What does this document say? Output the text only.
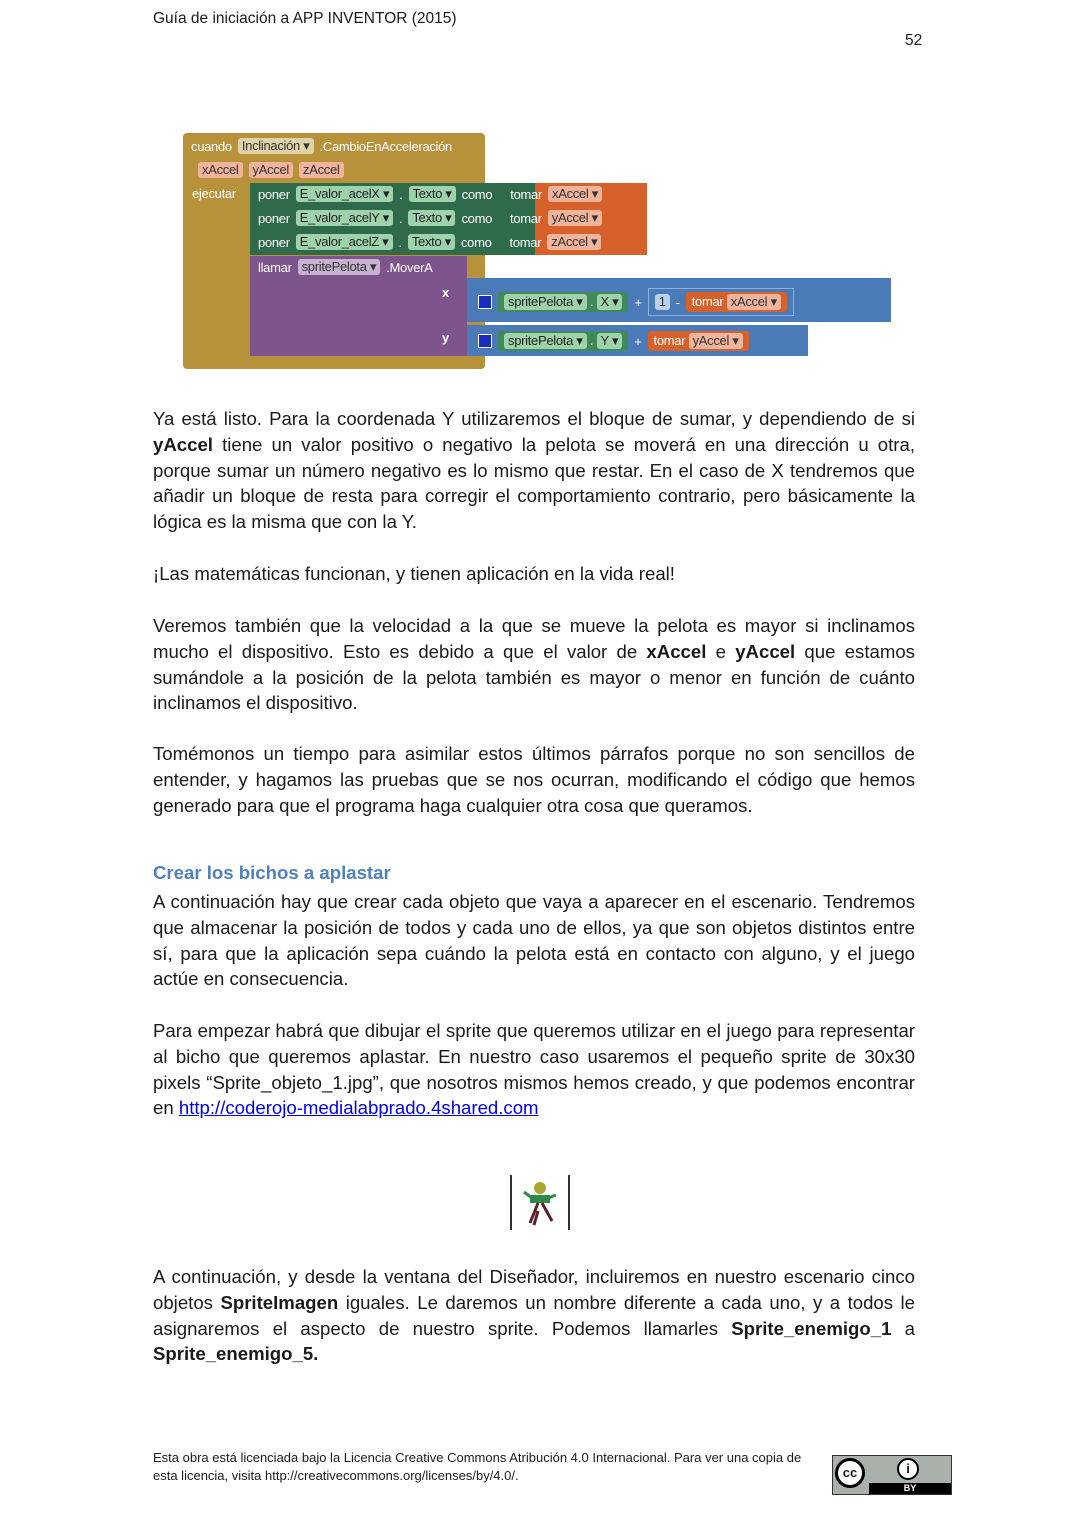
Guía de iniciación a APP INVENTOR (2015)
52
cuando Inclinación ▾ .CambioEnAcceleración
xAccel	yAccel	zAccel
ejecutar poner E_valor_acelX ▾ . Texto ▾ como tomar xAccel ▾
poner E_valor_acelY ▾ . Texto ▾ como tomar yAccel ▾
poner E_valor_acelZ ▾ . Texto ▾ como tomar zAccel ▾
llamar spritePelota ▾ .MoverA
x
y
spritePelota ▾ . X ▾	+	1 - tomar xAccel ▾
spritePelota ▾ . Y ▾	+ tomar yAccel ▾

Ya está listo. Para la coordenada Y utilizaremos el bloque de sumar, y dependiendo de si yAccel tiene un valor positivo o negativo la pelota se moverá en una dirección u otra, porque sumar un número negativo es lo mismo que restar. En el caso de X tendremos que añadir un bloque de resta para corregir el comportamiento contrario, pero básicamente la lógica es la misma que con la Y.

¡Las matemáticas funcionan, y tienen aplicación en la vida real!

Veremos también que la velocidad a la que se mueve la pelota es mayor si inclinamos mucho el dispositivo. Esto es debido a que el valor de xAccel e yAccel que estamos sumándole a la posición de la pelota también es mayor o menor en función de cuánto inclinamos el dispositivo.

Tomémonos un tiempo para asimilar estos últimos párrafos porque no son sencillos de entender, y hagamos las pruebas que se nos ocurran, modificando el código que hemos generado para que el programa haga cualquier otra cosa que queramos.

Crear los bichos a aplastar

A continuación hay que crear cada objeto que vaya a aparecer en el escenario. Tendremos que almacenar la posición de todos y cada uno de ellos, ya que son objetos distintos entre sí, para que la aplicación sepa cuándo la pelota está en contacto con alguno, y el juego actúe en consecuencia.

Para empezar habrá que dibujar el sprite que queremos utilizar en el juego para representar al bicho que queremos aplastar. En nuestro caso usaremos el pequeño sprite de 30x30 pixels “Sprite_objeto_1.jpg”, que nosotros mismos hemos creado, y que podemos encontrar en http://coderojo-medialabprado.4shared.com

A continuación, y desde la ventana del Diseñador, incluiremos en nuestro escenario cinco objetos SpriteImagen iguales. Le daremos un nombre diferente a cada uno, y a todos le asignaremos el aspecto de nuestro sprite. Podemos llamarles Sprite_enemigo_1 a Sprite_enemigo_5.

Esta obra está licenciada bajo la Licencia Creative Commons Atribución 4.0 Internacional. Para ver una copia de esta licencia, visita http://creativecommons.org/licenses/by/4.0/.	cc	i
BY
